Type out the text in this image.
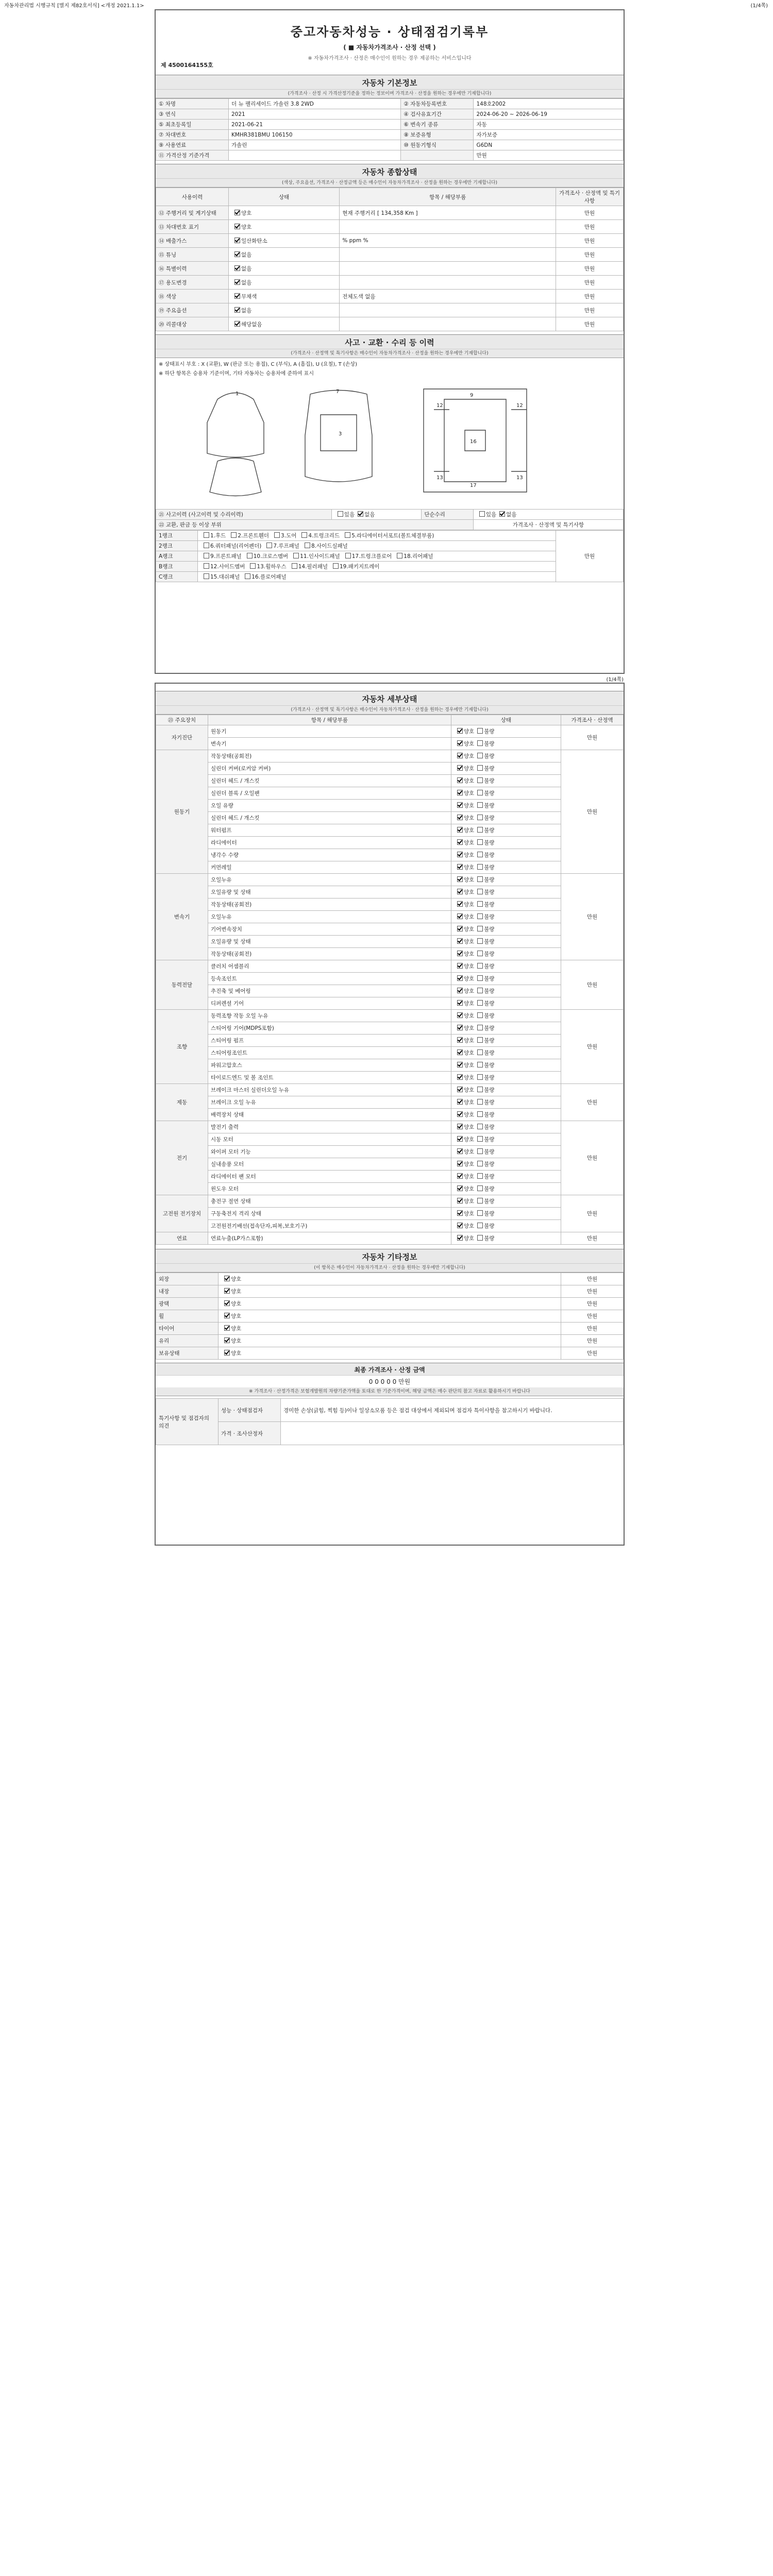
자동차관리법 시행규칙 [별지 제82호서식] <개정 2021.1.1>	(1/4쪽)
중고자동차성능 · 상태점검기록부
( ■ 자동차가격조사 · 산정 선택 )
※ 자동차가격조사 · 산정은 매수인이 원하는 경우 제공하는 서비스입니다
제 4500164155호
자동차 기본정보
(가격조사 · 산정 시 가격산정기준을 정하는 정보이며 가격조사 · 산정을 원하는 경우에만 기재합니다)
① 차명	더 뉴 팰리세이드 가솔린 3.8 2WD	② 자동차등록번호	148호2002
③ 연식	2021	④ 검사유효기간	2024-06-20 ~ 2026-06-19
⑤ 최초등록일	2021-06-21	⑥ 변속기 종류	자동
⑦ 차대번호	KMHR381BMU 106150	⑧ 보증유형	자가보증
⑨ 사용연료	가솔린	⑩ 원동기형식	G6DN
⑪ 가격산정 기준가격			만원
자동차 종합상태
(색상, 주요옵션, 가격조사 · 산정금액 등은 매수인이 자동차가격조사 · 산정을 원하는 경우에만 기재합니다)
사용이력	상태	항목 / 해당부품	가격조사 · 산정액 및 특기사항
⑫ 주행거리 및 계기상태	양호	현재 주행거리 [ 134,358 Km ]	만원
⑬ 차대번호 표기	양호		만원
⑭ 배출가스	일산화탄소	% ppm %	만원
⑮ 튜닝	없음		만원
⑯ 특별이력	없음		만원
⑰ 용도변경	없음		만원
⑱ 색상	무채색	전체도색 없음	만원
⑲ 주요옵션	없음		만원
⑳ 리콜대상	해당없음		만원
사고 · 교환 · 수리 등 이력
(가격조사 · 산정액 및 특기사항은 매수인이 자동차가격조사 · 산정을 원하는 경우에만 기재합니다)
※ 상태표시 부호 : X (교환), W (판금 또는 용접), C (부식), A (흠집), U (요철), T (손상)
※ 하단 항목은 승용차 기준이며, 기타 자동차는 승용차에 준하여 표시
1	7
3
9
16
17
12	12
13	13
㉑ 사고이력 (사고이력 및 수리이력)	있음 없음	단순수리	있음 없음
㉒ 교환, 판금 등 이상 부위			가격조사 · 산정액 및 특기사항
1랭크	1.후드 2.프론트휀더 3.도어 4.트렁크리드 5.라디에이터서포트(볼트체결부품)	만원
2랭크	6.쿼터패널(리어펜더) 7.루프패널 8.사이드실패널	
A랭크	9.프론트패널 10.크로스멤버 11.인사이드패널 17.트렁크플로어 18.리어패널	
B랭크	12.사이드멤버 13.휠하우스 14.필러패널 19.패키지트레이	
C랭크	15.대쉬패널 16.플로어패널	
(1/4쪽)
자동차 세부상태
(가격조사 · 산정액 및 특기사항은 매수인이 자동차가격조사 · 산정을 원하는 경우에만 기재합니다)
㉓ 주요장치	항목 / 해당부품	상태	가격조사 · 산정액
자기진단	원동기	양호 불량	만원
	변속기	양호 불량	
원동기	작동상태(공회전)	양호 불량	만원
	실린더 커버(로커암 커버)	양호 불량	
	실린더 헤드 / 개스킷	양호 불량	
	실린더 블록 / 오일팬	양호 불량	
	오일 유량	양호 불량	
	실린더 헤드 / 개스킷	양호 불량	
	워터펌프	양호 불량	
	라디에이터	양호 불량	
	냉각수 수량	양호 불량	
	커먼레일	양호 불량	
변속기	오일누유	양호 불량	만원
	오일유량 및 상태	양호 불량	
	작동상태(공회전)	양호 불량	
	오일누유	양호 불량	
	기어변속장치	양호 불량	
	오일유량 및 상태	양호 불량	
	작동상태(공회전)	양호 불량	
동력전달	클러치 어셈블리	양호 불량	만원
	등속조인트	양호 불량	
	추진축 및 베어링	양호 불량	
	디퍼렌셜 기어	양호 불량	
조향	동력조향 작동 오일 누유	양호 불량	만원
	스티어링 기어(MDPS포함)	양호 불량	
	스티어링 펌프	양호 불량	
	스티어링조인트	양호 불량	
	파워고압호스	양호 불량	
	타이로드엔드 및 볼 조인트	양호 불량	
제동	브레이크 마스터 실린더오일 누유	양호 불량	만원
	브레이크 오일 누유	양호 불량	
	배력장치 상태	양호 불량	
전기	발전기 출력	양호 불량	만원
	시동 모터	양호 불량	
	와이퍼 모터 기능	양호 불량	
	실내송풍 모터	양호 불량	
	라디에이터 팬 모터	양호 불량	
	윈도우 모터	양호 불량	
고전원 전기장치	충전구 절연 상태	양호 불량	만원
	구동축전지 격리 상태	양호 불량	
	고전원전기배선(접속단자,피복,보호기구)	양호 불량	
연료	연료누출(LP가스포함)	양호 불량	만원
자동차 기타정보
(이 항목은 매수인이 자동차가격조사 · 산정을 원하는 경우에만 기재합니다)
외장	양호	만원
내장	양호	만원
광택	양호	만원
휠	양호	만원
타이어	양호	만원
유리	양호	만원
보유상태	양호	만원
최종 가격조사 · 산정 금액
0 0 0 0 0 만원
※ 가격조사 · 산정가격은 보험개발원의 차량기준가액을 토대로 한 기준가격이며, 해당 금액은 매수 판단의 참고 자료로 활용하시기 바랍니다
특기사항 및 점검자의 의견	성능 · 상태점검자	경미한 손상(긁힘, 찍힘 등)이나 일상소모품 등은 점검 대상에서 제외되며 점검자 특이사항을 참고하시기 바랍니다.
	가격 · 조사산정자	
